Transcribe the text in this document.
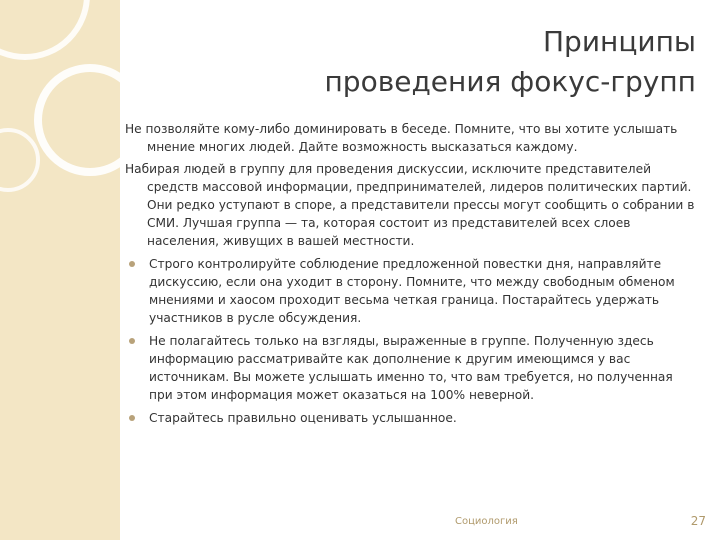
Принципы
проведения фокус-групп

Не позволяйте кому-либо доминировать в беседе. Помните, что вы хотите услышать мнение многих людей. Дайте возможность высказаться каждому.

Набирая людей в группу для проведения дискуссии, исключите представителей средств массовой информации, предпринимателей, лидеров политических партий. Они редко уступают в споре, а представители прессы могут сообщить о собрании в СМИ. Лучшая группа — та, которая состоит из представителей всех слоев населения, живущих в вашей местности.

Строго контролируйте соблюдение предложенной повестки дня, направляйте дискуссию, если она уходит в сторону. Помните, что между свободным обменом мнениями и хаосом проходит весьма четкая граница. Постарайтесь удержать участников в русле обсуждения.
Не полагайтесь только на взгляды, выраженные в группе. Полученную здесь информацию рассматривайте как дополнение к другим имеющимся у вас источникам. Вы можете услышать именно то, что вам требуется, но полученная при этом информация может оказаться на 100% неверной.
Старайтесь правильно оценивать услышанное.
Социология	27
